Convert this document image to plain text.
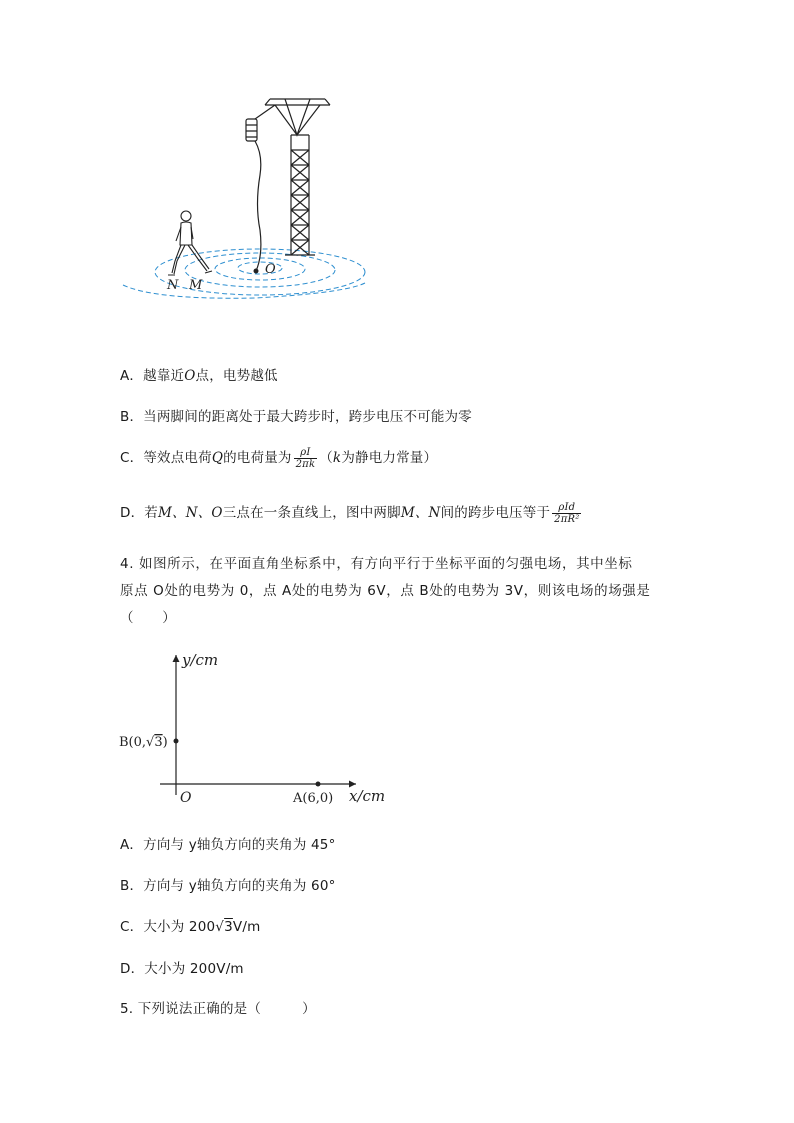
O
N M
A．越靠近O点，电势越低
B．当两脚间的距离处于最大跨步时，跨步电压不可能为零
C．等效点电荷Q的电荷量为 $\frac{\rho I}{2\pi k} (k$为静电力常量）
D．若M、N、O三点在一条直线上，图中两脚M、N间的跨步电压等于 $\frac{\text{ρId}}{\text{2πR²}}$
4. 如图所示，在平面直角坐标系中，有方向平行于坐标平面的匀强电场，其中坐标
原点 O处的电势为 0，点 A处的电势为 6V，点 B处的电势为 3V，则该电场的场强是
（　　）
y/cm
x/cm
O	A(6,0)
B(0,√3)
A．方向与 y轴负方向的夹角为 45°
B．方向与 y轴负方向的夹角为 60°
C．大小为 200√3V/m
D．大小为 200V/m
5. 下列说法正确的是（　　　）
